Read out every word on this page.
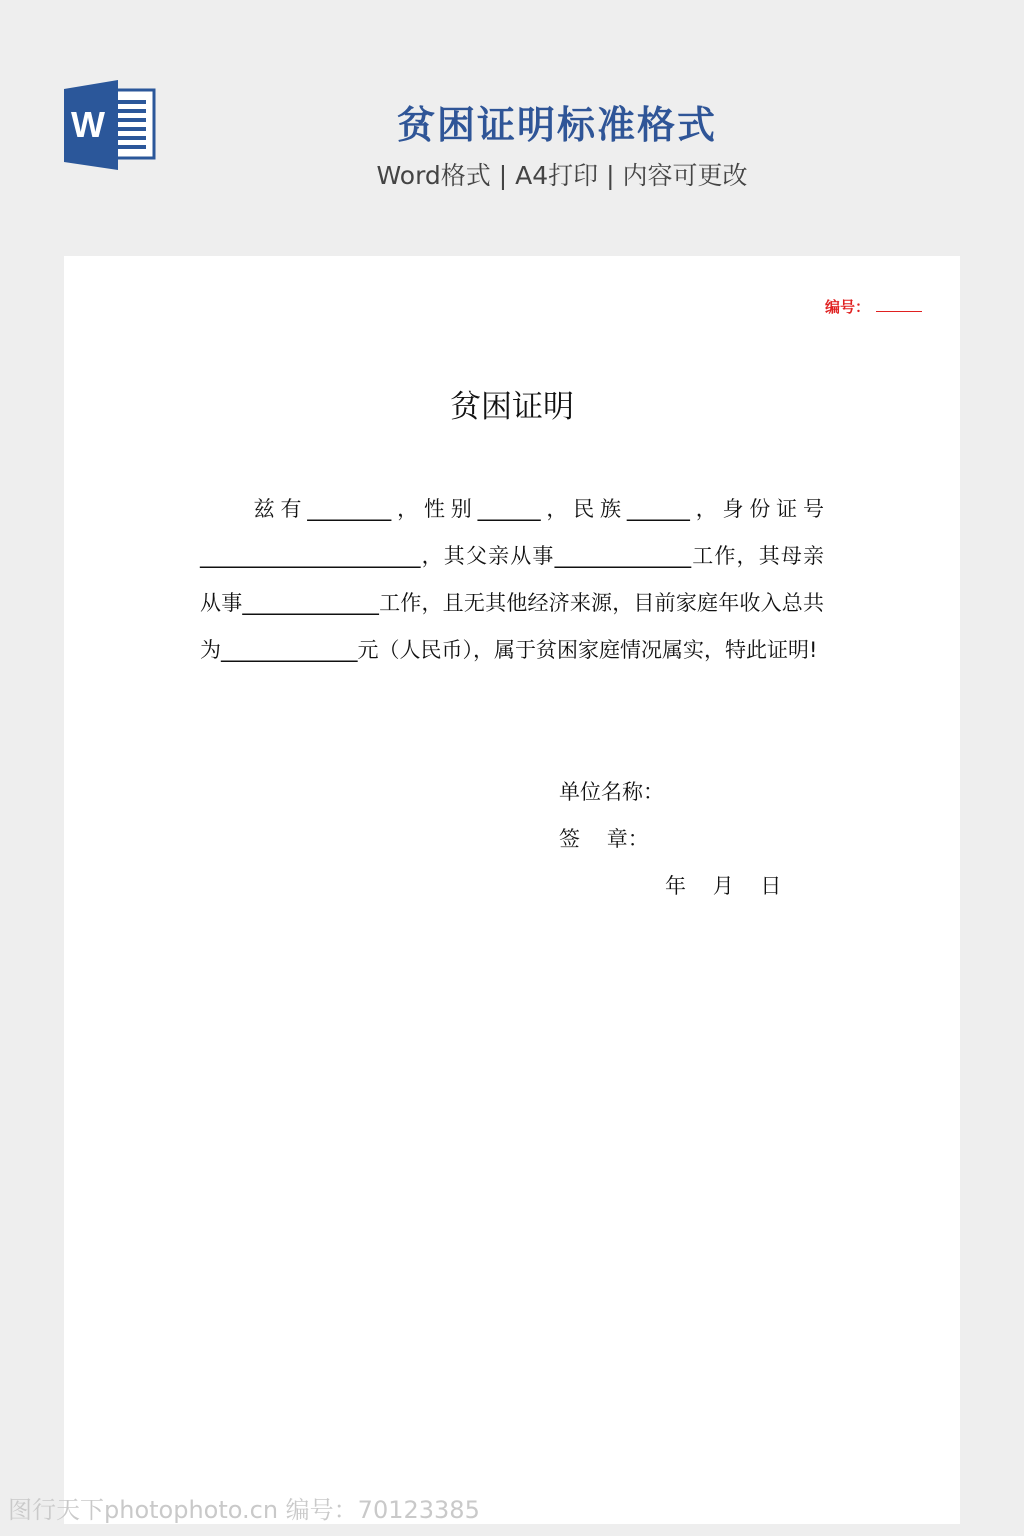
W	贫困证明标准格式
Word格式 | A4打印 | 内容可更改
编号：
贫困证明

　　兹有________，性别______，民族______，身份证号_____________________，其父亲从事_____________工作，其母亲从事_____________工作，且无其他经济来源，目前家庭年收入总共为_____________元（人民币），属于贫困家庭情况属实，特此证明!

单位名称：
签    章：
年    月    日
图行天下photophoto.cn 编号：70123385
